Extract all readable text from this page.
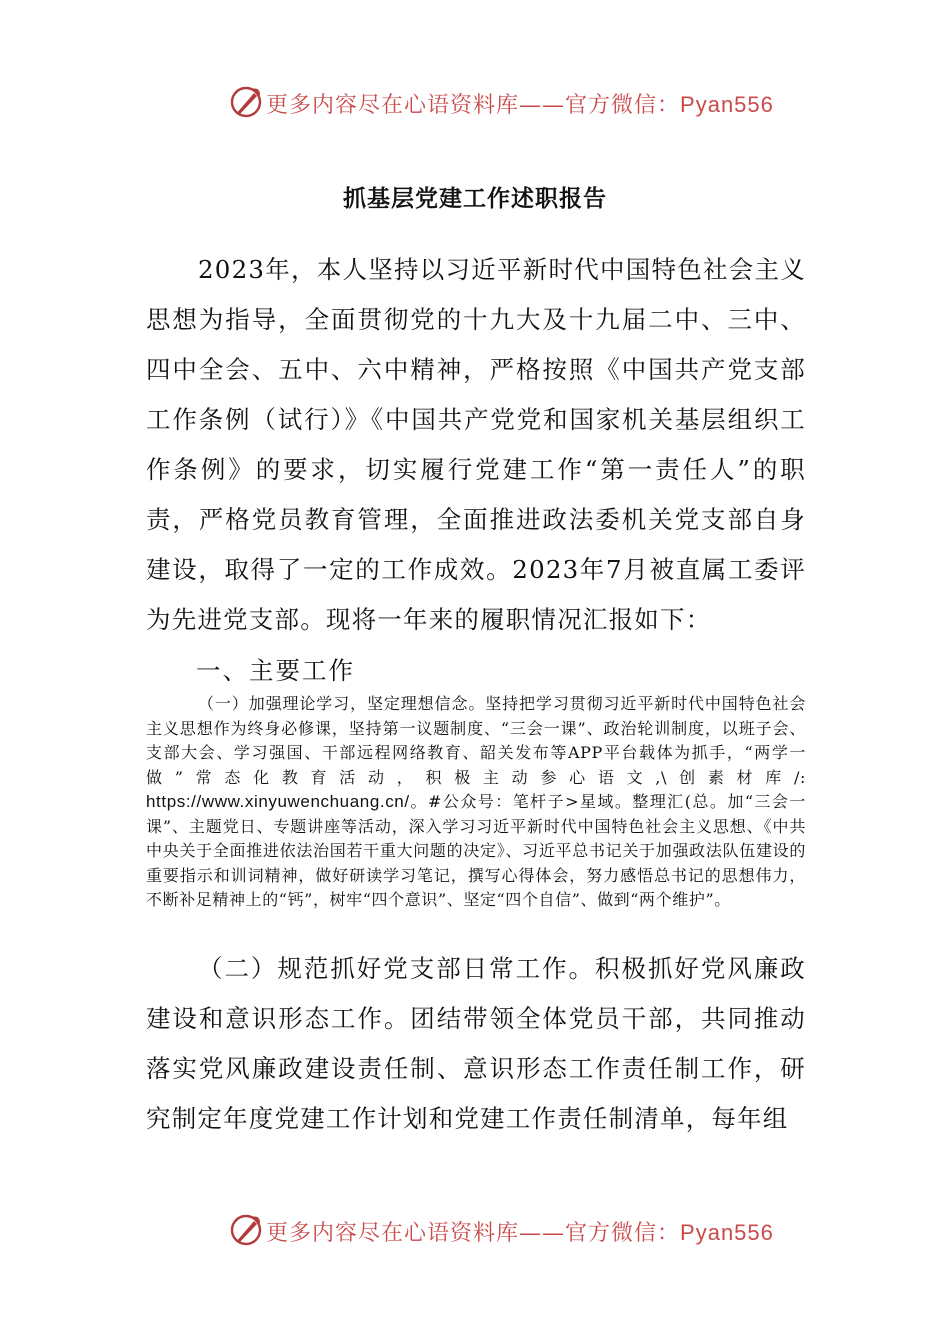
更多内容尽在心语资料库——官方微信：Pyan556
抓基层党建工作述职报告

2023年，本人坚持以习近平新时代中国特色社会主义思想为指导，全面贯彻党的十九大及十九届二中、三中、四中全会、五中、六中精神，严格按照《中国共产党支部工作条例（试行）》《中国共产党党和国家机关基层组织工作条例》的要求，切实履行党建工作“第一责任人”的职责，严格党员教育管理，全面推进政法委机关党支部自身建设，取得了一定的工作成效。2023年7月被直属工委评为先进党支部。现将一年来的履职情况汇报如下：

一、主要工作

（一）加强理论学习，坚定理想信念。坚持把学习贯彻习近平新时代中国特色社会主义思想作为终身必修课，坚持第一议题制度、“三会一课”、政治轮训制度，以班子会、支部大会、学习强国、干部远程网络教育、韶关发布等APP平台载体为抓手，“两学一做”常态化教育活动，积极主动参心语文,\创素材库/: https://www.xinyuwenchuang.cn/。#公众号：笔杆子>星域。整理汇(总。加“三会一课”、主题党日、专题讲座等活动，深入学习习近平新时代中国特色社会主义思想、《中共中央关于全面推进依法治国若干重大问题的决定》、习近平总书记关于加强政法队伍建设的重要指示和训词精神，做好研读学习笔记，撰写心得体会，努力感悟总书记的思想伟力，不断补足精神上的“钙”，树牢“四个意识”、坚定“四个自信”、做到“两个维护”。

（二）规范抓好党支部日常工作。积极抓好党风廉政建设和意识形态工作。团结带领全体党员干部，共同推动落实党风廉政建设责任制、意识形态工作责任制工作，研究制定年度党建工作计划和党建工作责任制清单，每年组

更多内容尽在心语资料库——官方微信：Pyan556
